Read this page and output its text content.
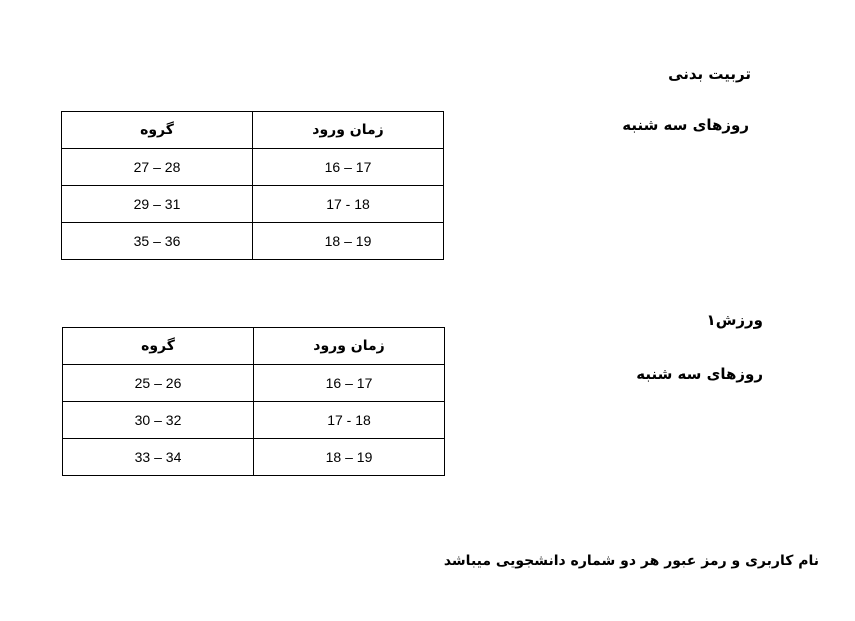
تربیت بدنی
روزهای سه شنبه
گروه	زمان ورود
27 – 28	16 – 17
29 – 31	17 - 18
35 – 36	18 – 19
ورزش۱
روزهای سه شنبه
گروه	زمان ورود
25 – 26	16 – 17
30 – 32	17 - 18
33 – 34	18 – 19
نام کاربری و رمز عبور هر دو شماره دانشجویی میباشد
